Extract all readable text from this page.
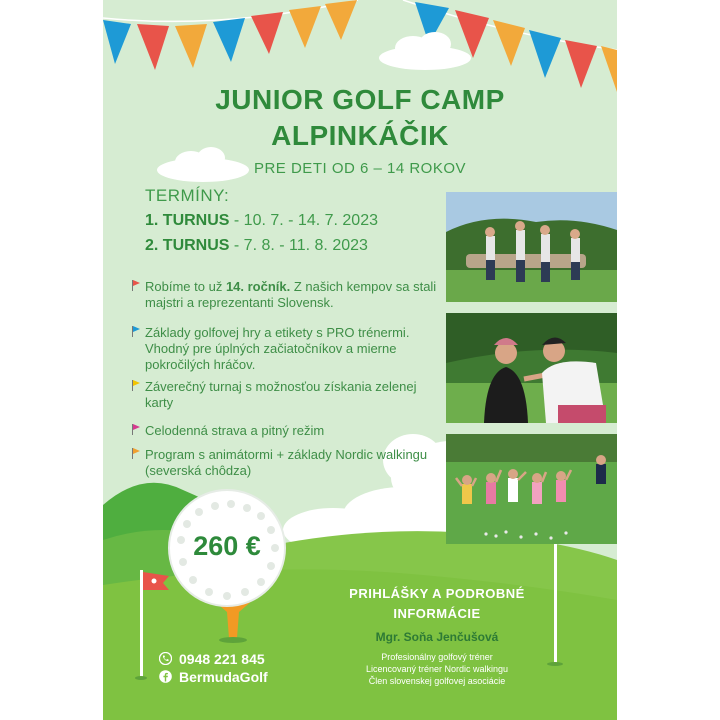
JUNIOR GOLF CAMP
ALPINKÁČIK
PRE DETI OD 6 – 14 ROKOV
TERMÍNY:
1. TURNUS - 10. 7. - 14. 7. 2023
2. TURNUS - 7. 8. - 11. 8. 2023
Robíme to už 14. ročník. Z našich kempov sa stali majstri a reprezentanti Slovensk.
Základy golfovej hry a etikety s PRO trénermi. Vhodný pre úplných začiatočníkov a mierne pokročilých hráčov.
Záverečný turnaj s možnosťou získania zelenej karty
Celodenná strava a pitný režim
Program s animátormi + základy Nordic walkingu (severská chôdza)
260 €
PRIHLÁŠKY A PODROBNÉ
INFORMÁCIE
Mgr. Soňa Jenčušová
Profesionálny golfový tréner
Licencovaný tréner Nordic walkingu
Člen slovenskej golfovej asociácie
0948 221 845
BermudaGolf
